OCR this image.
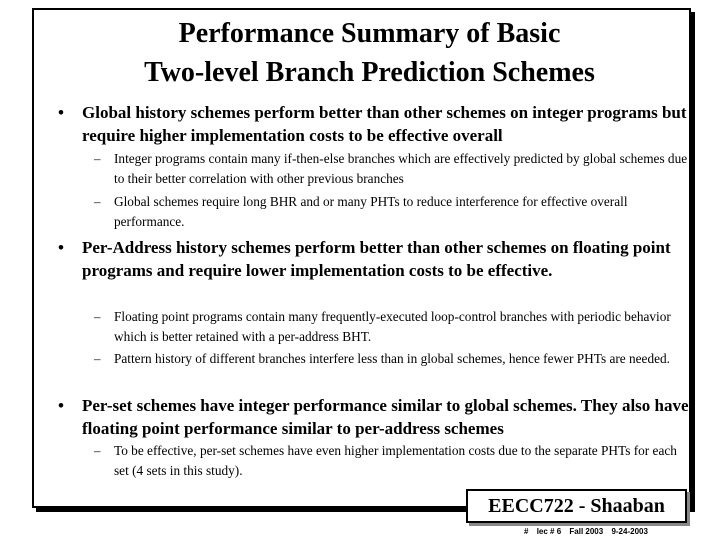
Performance Summary of Basic
Two-level Branch Prediction Schemes
• Global history schemes perform better than other schemes on integer programs but require higher implementation costs to be effective overall
– Integer programs contain many if-then-else branches which are effectively predicted by global schemes due to their better correlation with other previous branches
– Global schemes require long BHR and or many PHTs to reduce interference for effective overall performance.
• Per-Address history schemes perform better than other schemes on floating point programs and require lower implementation costs to be effective.
– Floating point programs contain many frequently-executed loop-control branches with periodic behavior which is better retained with a per-address BHT.
– Pattern history of different branches interfere less than in global schemes, hence fewer PHTs are needed.
• Per-set schemes have integer performance similar to global schemes. They also have floating point performance similar to per-address schemes
– To be effective, per-set schemes have even higher implementation costs due to the separate PHTs for each set (4 sets in this study).
EECC722 - Shaaban
# lec # 6 Fall 2003 9-24-2003
